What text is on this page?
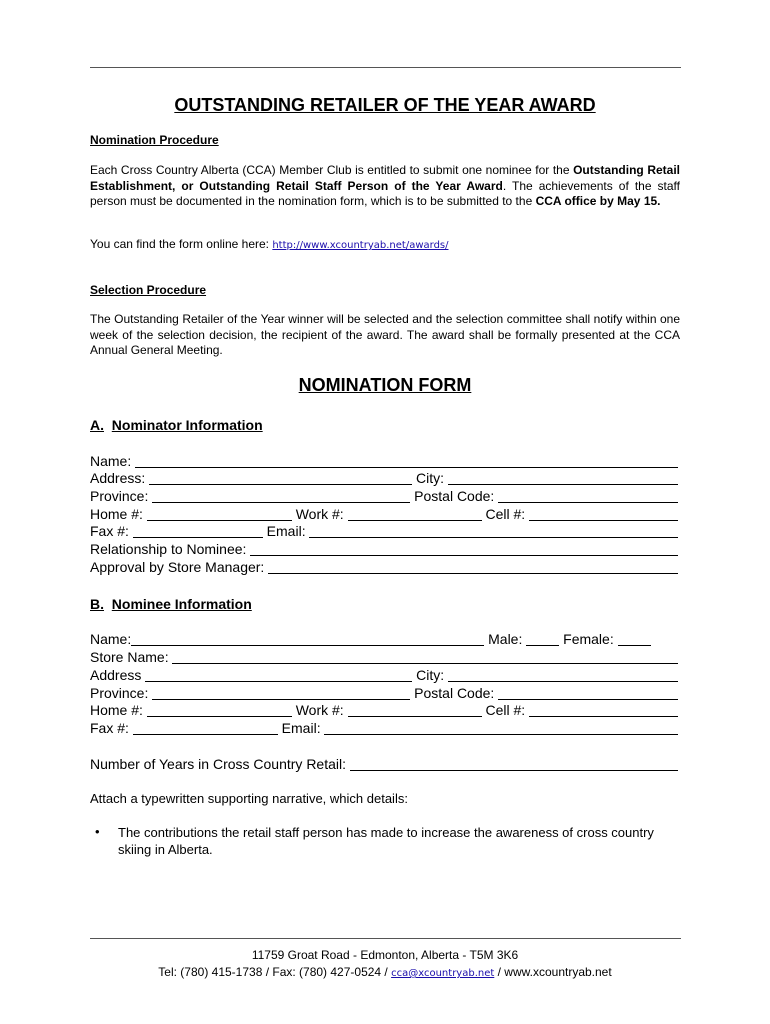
OUTSTANDING RETAILER OF THE YEAR AWARD
Nomination Procedure
Each Cross Country Alberta (CCA) Member Club is entitled to submit one nominee for the Outstanding Retail Establishment, or Outstanding Retail Staff Person of the Year Award. The achievements of the staff person must be documented in the nomination form, which is to be submitted to the CCA office by May 15.
You can find the form online here: http://www.xcountryab.net/awards/
Selection Procedure
The Outstanding Retailer of the Year winner will be selected and the selection committee shall notify within one week of the selection decision, the recipient of the award. The award shall be formally presented at the CCA Annual General Meeting.
NOMINATION FORM
A. Nominator Information
Name:
Address:	City:
Province:	Postal Code:
Home #:	Work #:	Cell #:
Fax #:	Email:
Relationship to Nominee:
Approval by Store Manager:
B. Nominee Information
Name:	Male: Female:
Store Name:
Address	City:
Province:	Postal Code:
Home #:	Work #:	Cell #:
Fax #:	Email:
Number of Years in Cross Country Retail:
Attach a typewritten supporting narrative, which details:
• The contributions the retail staff person has made to increase the awareness of cross country skiing in Alberta.
11759 Groat Road - Edmonton, Alberta - T5M 3K6
Tel: (780) 415-1738 / Fax: (780) 427-0524 / cca@xcountryab.net / www.xcountryab.net
